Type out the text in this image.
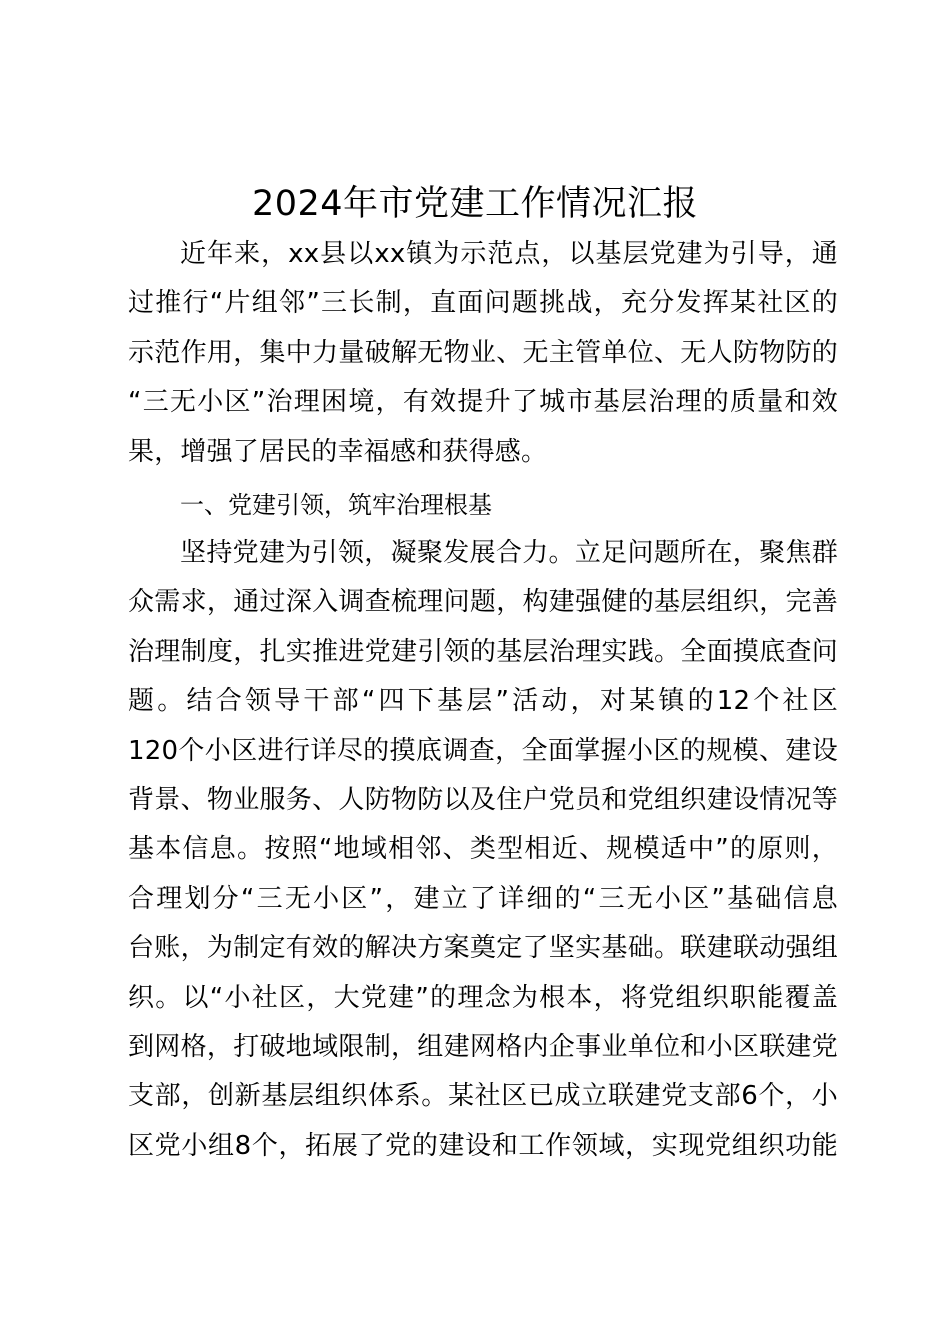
2024年市党建工作情况汇报
近年来，xx县以xx镇为示范点，以基层党建为引导，通
过推行“片组邻”三长制，直面问题挑战，充分发挥某社区的
示范作用，集中力量破解无物业、无主管单位、无人防物防的
“三无小区”治理困境，有效提升了城市基层治理的质量和效
果，增强了居民的幸福感和获得感。
一、党建引领，筑牢治理根基
坚持党建为引领，凝聚发展合力。立足问题所在，聚焦群
众需求，通过深入调查梳理问题，构建强健的基层组织，完善
治理制度，扎实推进党建引领的基层治理实践。全面摸底查问
题。结合领导干部“四下基层”活动，对某镇的12个社区
120个小区进行详尽的摸底调查，全面掌握小区的规模、建设
背景、物业服务、人防物防以及住户党员和党组织建设情况等
基本信息。按照“地域相邻、类型相近、规模适中”的原则，
合理划分“三无小区”，建立了详细的“三无小区”基础信息
台账，为制定有效的解决方案奠定了坚实基础。联建联动强组
织。以“小社区，大党建”的理念为根本，将党组织职能覆盖
到网格，打破地域限制，组建网格内企事业单位和小区联建党
支部，创新基层组织体系。某社区已成立联建党支部6个，小
区党小组8个，拓展了党的建设和工作领域，实现党组织功能
